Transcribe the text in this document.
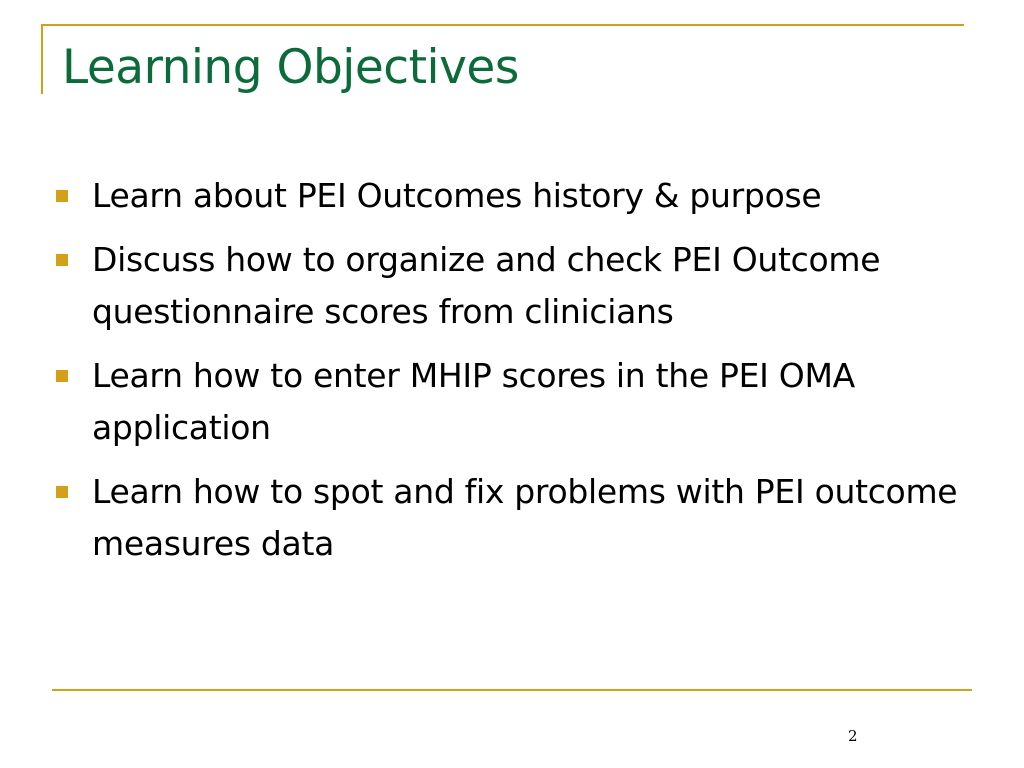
Learning Objectives
Learn about PEI Outcomes history & purpose
Discuss how to organize and check PEI Outcome questionnaire scores from clinicians
Learn how to enter MHIP scores in the PEI OMA application
Learn how to spot and fix problems with PEI outcome measures data
2
